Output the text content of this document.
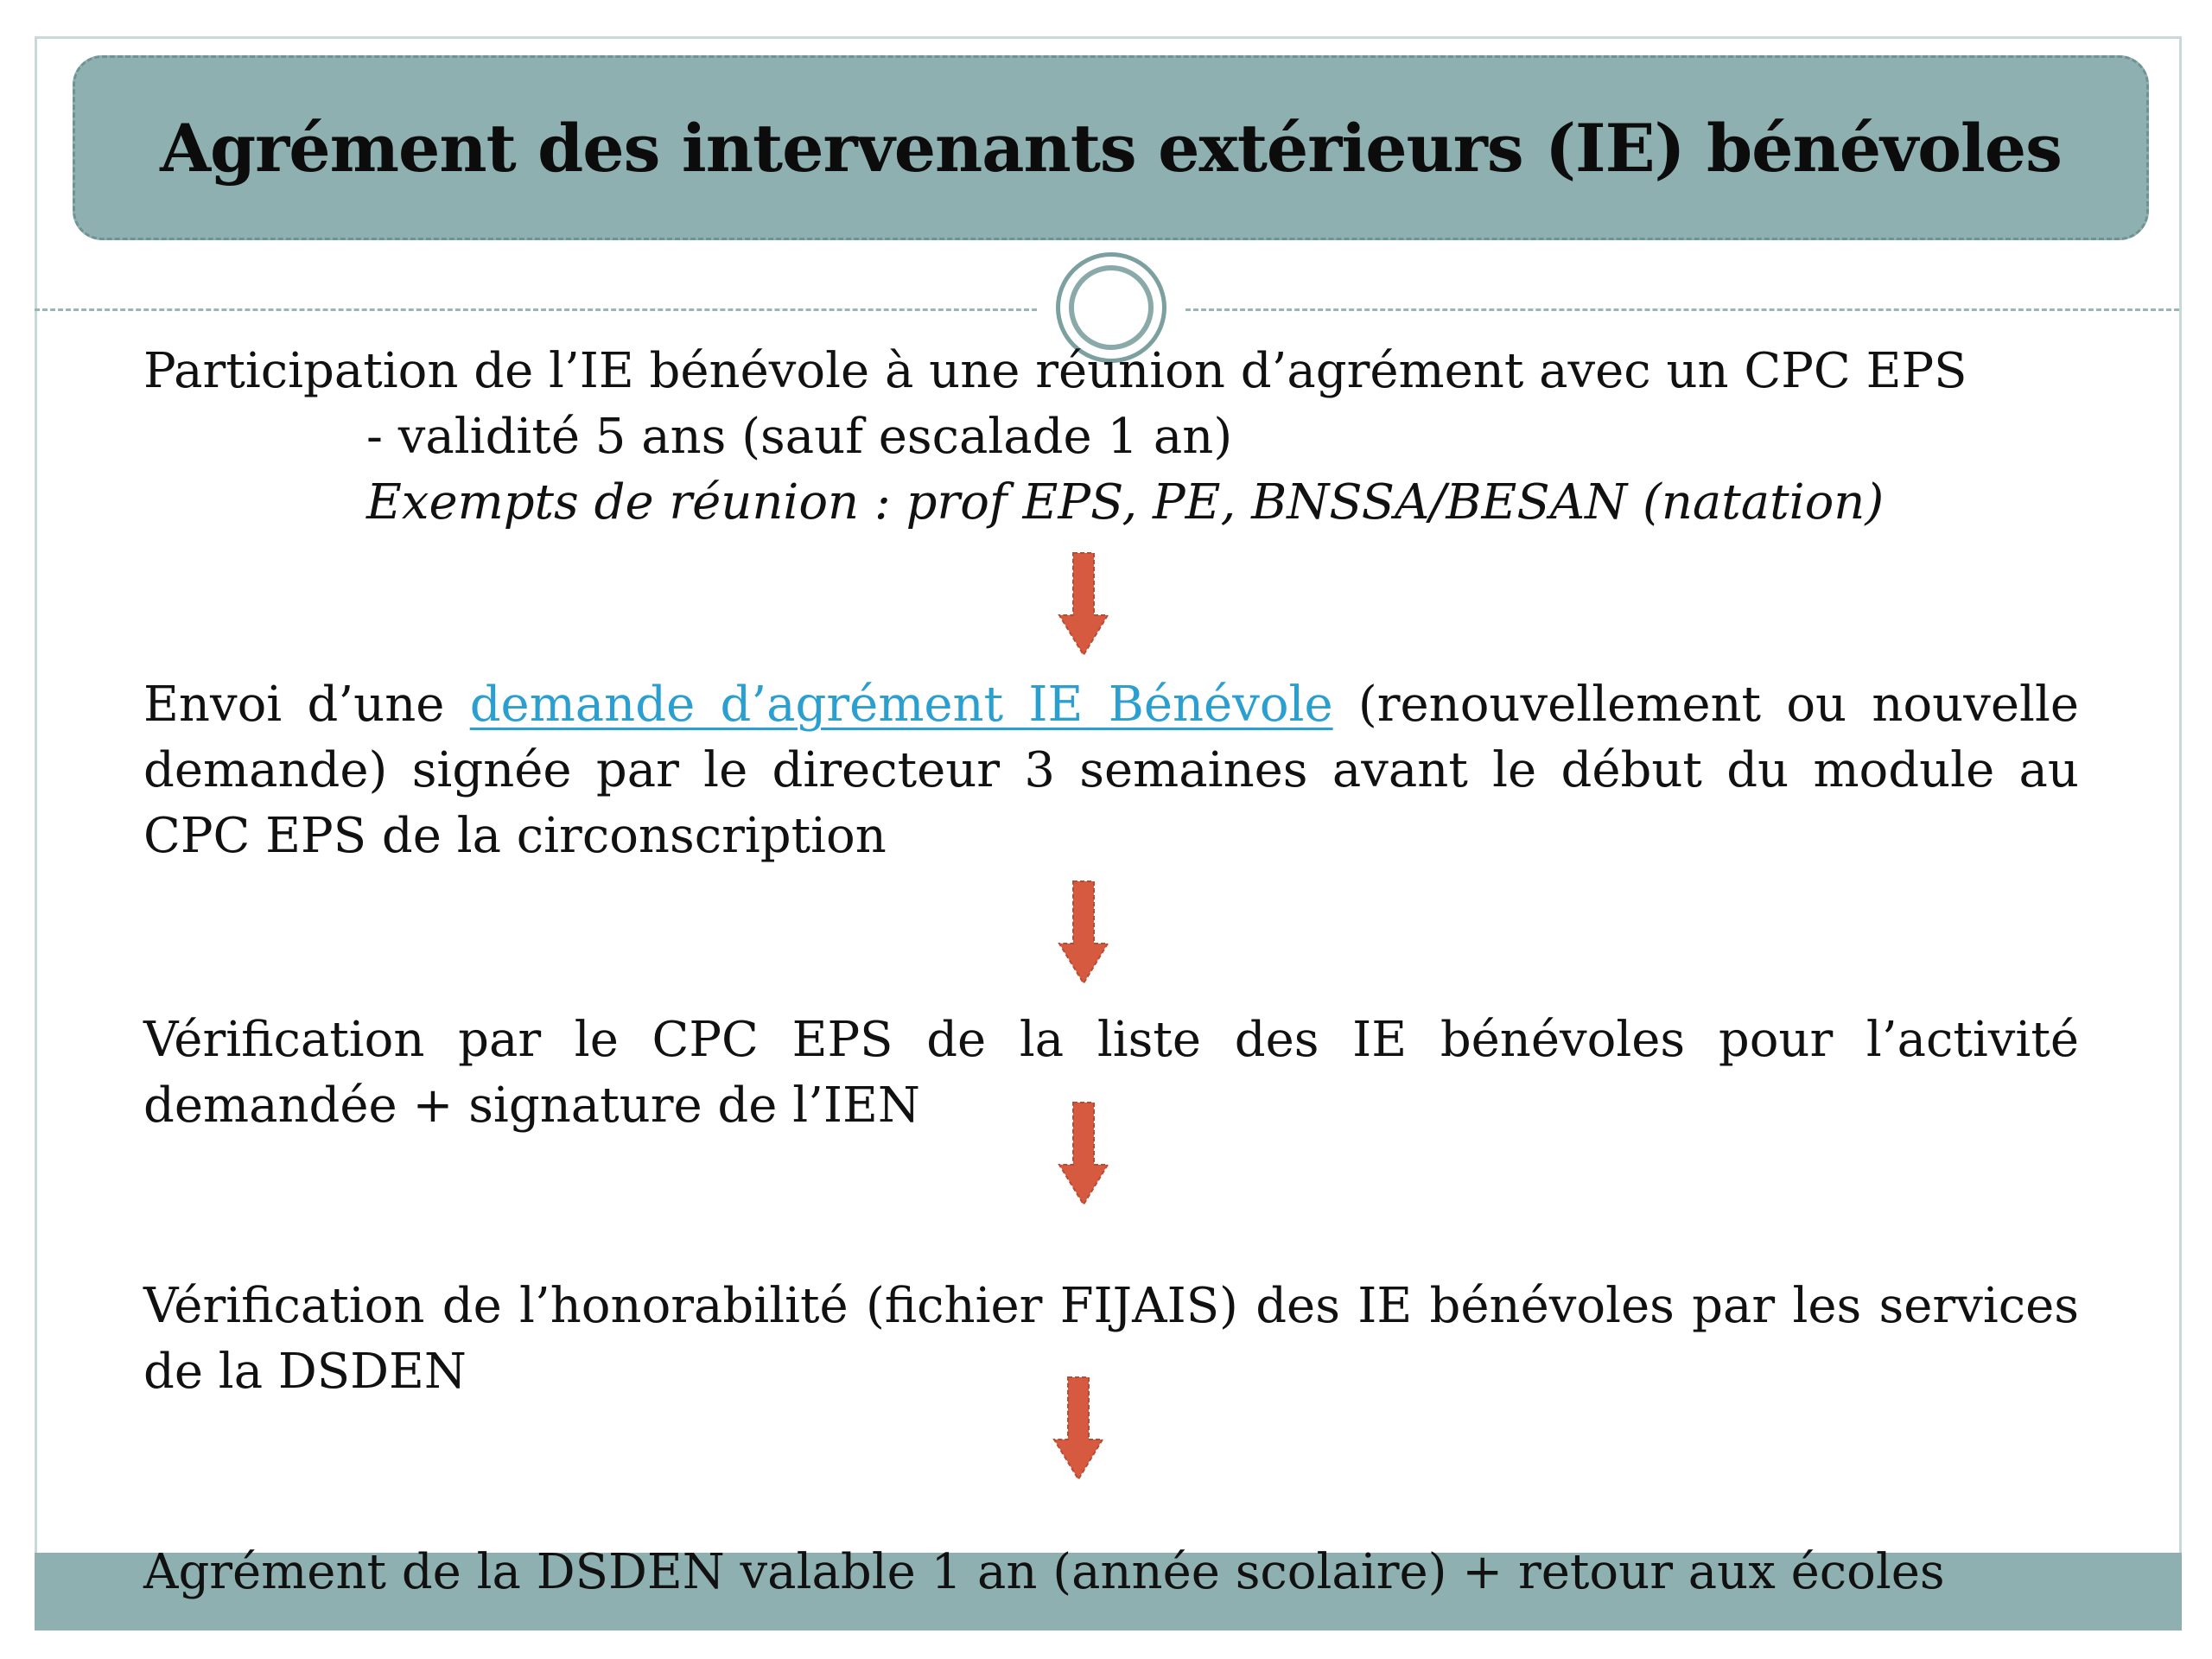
Agrément des intervenants extérieurs (IE) bénévoles
Participation de l’IE bénévole à une réunion d’agrément avec un CPC EPS
- validité 5 ans (sauf escalade 1 an)
Exempts de réunion : prof EPS, PE, BNSSA/BESAN (natation)
Envoi d’une demande d’agrément IE Bénévole (renouvellement ou nouvelle demande) signée par le directeur 3 semaines avant le début du module au CPC EPS de la circonscription
Vérification par le CPC EPS de la liste des IE bénévoles pour l’activité demandée + signature de l’IEN
Vérification de l’honorabilité (fichier FIJAIS) des IE bénévoles par les services de la DSDEN
Agrément de la DSDEN valable 1 an (année scolaire) + retour aux écoles
